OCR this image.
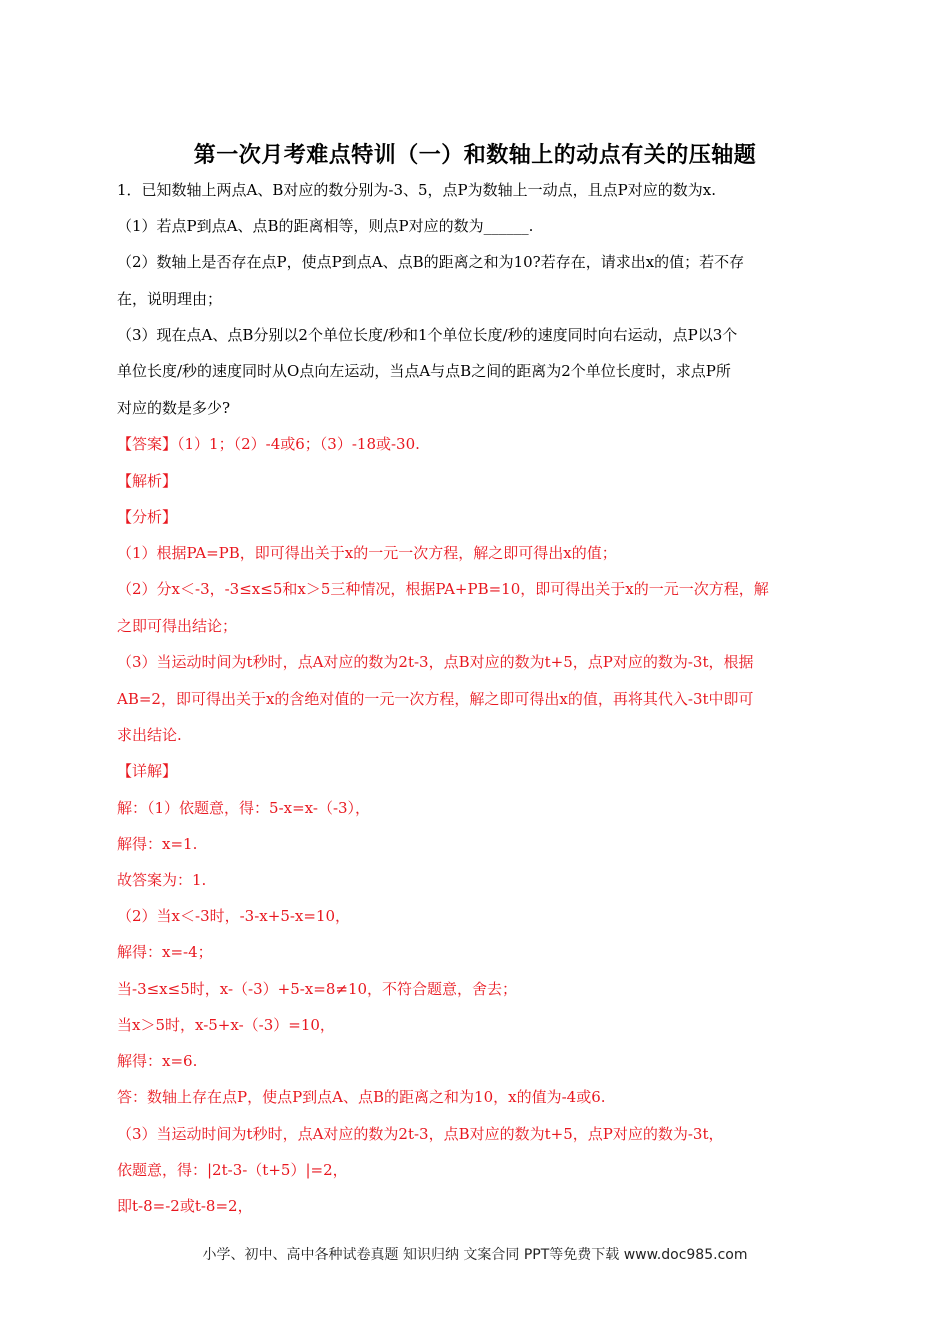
第一次月考难点特训（一）和数轴上的动点有关的压轴题
1．已知数轴上两点A、B对应的数分别为-3、5，点P为数轴上一动点，且点P对应的数为x.
（1）若点P到点A、点B的距离相等，则点P对应的数为______.
（2）数轴上是否存在点P，使点P到点A、点B的距离之和为10?若存在，请求出x的值；若不存
在，说明理由；
（3）现在点A、点B分别以2个单位长度/秒和1个单位长度/秒的速度同时向右运动，点P以3个
单位长度/秒的速度同时从O点向左运动，当点A与点B之间的距离为2个单位长度时，求点P所
对应的数是多少?
【答案】（1）1；（2）-4或6；（3）-18或-30.
【解析】
【分析】
（1）根据PA=PB，即可得出关于x的一元一次方程，解之即可得出x的值；
（2）分x＜-3，-3≤x≤5和x＞5三种情况，根据PA+PB=10，即可得出关于x的一元一次方程，解
之即可得出结论；
（3）当运动时间为t秒时，点A对应的数为2t-3，点B对应的数为t+5，点P对应的数为-3t，根据
AB=2，即可得出关于x的含绝对值的一元一次方程，解之即可得出x的值，再将其代入-3t中即可
求出结论.
【详解】
解：（1）依题意，得：5-x=x-（-3），
解得：x=1.
故答案为：1.
（2）当x＜-3时，-3-x+5-x=10，
解得：x=-4；
当-3≤x≤5时，x-（-3）+5-x=8≠10，不符合题意，舍去；
当x＞5时，x-5+x-（-3）=10，
解得：x=6.
答：数轴上存在点P，使点P到点A、点B的距离之和为10，x的值为-4或6.
（3）当运动时间为t秒时，点A对应的数为2t-3，点B对应的数为t+5，点P对应的数为-3t，
依题意，得：|2t-3-（t+5）|=2，
即t-8=-2或t-8=2，
小学、初中、高中各种试卷真题 知识归纳 文案合同 PPT等免费下载 www.doc985.com
